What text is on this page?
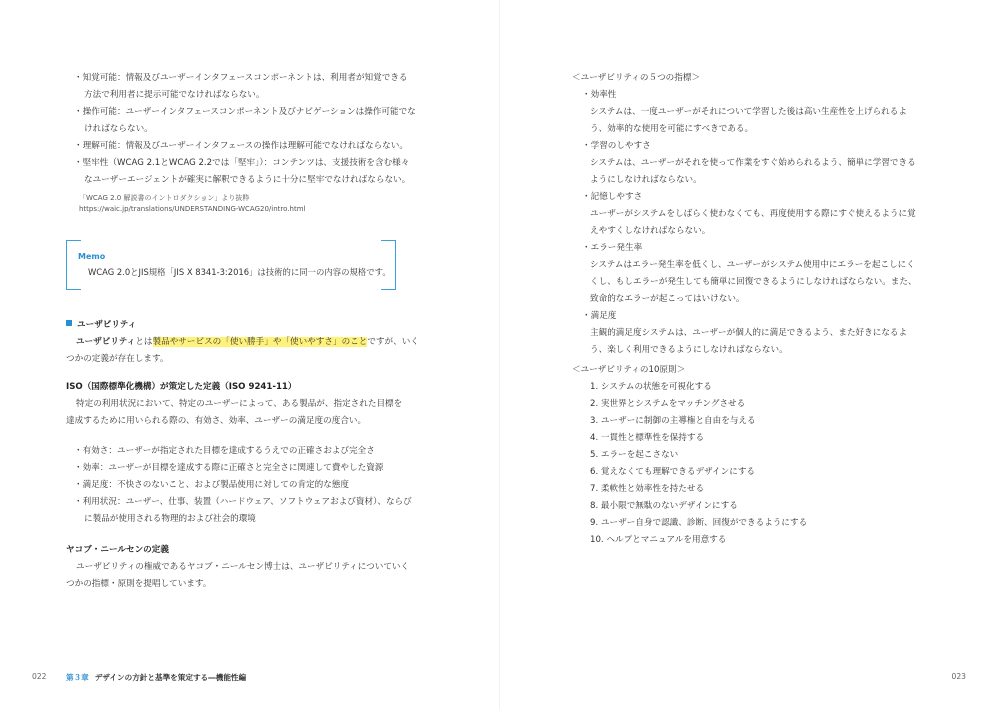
・知覚可能：情報及びユーザーインタフェースコンポーネントは、利用者が知覚できる
方法で利用者に提示可能でなければならない。
・操作可能：ユーザーインタフェースコンポーネント及びナビゲーションは操作可能でな
ければならない。
・理解可能：情報及びユーザーインタフェースの操作は理解可能でなければならない。
・堅牢性（WCAG 2.1とWCAG 2.2では「堅牢」）：コンテンツは、支援技術を含む様々
なユーザーエージェントが確実に解釈できるように十分に堅牢でなければならない。
「WCAG 2.0 解説書のイントロダクション」より抜粋
https://waic.jp/translations/UNDERSTANDING-WCAG20/intro.html
Memo
WCAG 2.0とJIS規格「JIS X 8341-3:2016」は技術的に同一の内容の規格です。
ユーザビリティ
ユーザビリティとは製品やサービスの「使い勝手」や「使いやすさ」のことですが、いく
つかの定義が存在します。
ISO（国際標準化機構）が策定した定義（ISO 9241-11）
特定の利用状況において、特定のユーザーによって、ある製品が、指定された目標を
達成するために用いられる際の、有効さ、効率、ユーザーの満足度の度合い。
・有効さ：ユーザーが指定された目標を達成するうえでの正確さおよび完全さ
・効率：ユーザーが目標を達成する際に正確さと完全さに関連して費やした資源
・満足度：不快さのないこと、および製品使用に対しての肯定的な態度
・利用状況：ユーザー、仕事、装置（ハードウェア、ソフトウェアおよび資材）、ならび
に製品が使用される物理的および社会的環境
ヤコブ・ニールセンの定義
ユーザビリティの権威であるヤコブ・ニールセン博士は、ユーザビリティについていく
つかの指標・原則を提唱しています。
022	第３章 デザインの方針と基準を策定する―機能性編
＜ユーザビリティの５つの指標＞
・効率性
システムは、一度ユーザーがそれについて学習した後は高い生産性を上げられるよ
う、効率的な使用を可能にすべきである。
・学習のしやすさ
システムは、ユーザーがそれを使って作業をすぐ始められるよう、簡単に学習できる
ようにしなければならない。
・記憶しやすさ
ユーザーがシステムをしばらく使わなくても、再度使用する際にすぐ使えるように覚
えやすくしなければならない。
・エラー発生率
システムはエラー発生率を低くし、ユーザーがシステム使用中にエラーを起こしにく
くし、もしエラーが発生しても簡単に回復できるようにしなければならない。また、
致命的なエラーが起こってはいけない。
・満足度
主観的満足度システムは、ユーザーが個人的に満足できるよう、また好きになるよ
う、楽しく利用できるようにしなければならない。
＜ユーザビリティの10原則＞
1. システムの状態を可視化する
2. 実世界とシステムをマッチングさせる
3. ユーザーに制御の主導権と自由を与える
4. 一貫性と標準性を保持する
5. エラーを起こさない
6. 覚えなくても理解できるデザインにする
7. 柔軟性と効率性を持たせる
8. 最小限で無駄のないデザインにする
9. ユーザー自身で認識、診断、回復ができるようにする
10. ヘルプとマニュアルを用意する
023
